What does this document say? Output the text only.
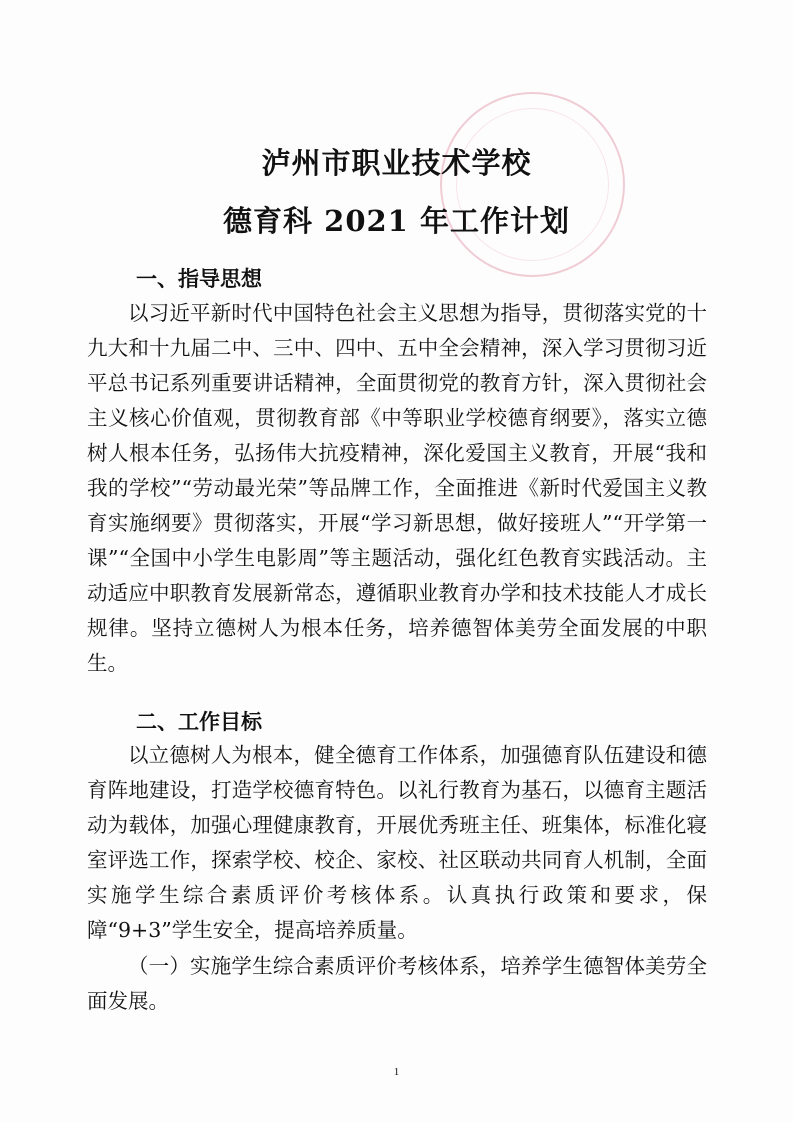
泸州市职业技术学校
德育科 2021 年工作计划
一、指导思想

以习近平新时代中国特色社会主义思想为指导，贯彻落实党的十九大和十九届二中、三中、四中、五中全会精神，深入学习贯彻习近平总书记系列重要讲话精神，全面贯彻党的教育方针，深入贯彻社会主义核心价值观，贯彻教育部《中等职业学校德育纲要》，落实立德树人根本任务，弘扬伟大抗疫精神，深化爱国主义教育，开展“我和我的学校”“劳动最光荣”等品牌工作，全面推进《新时代爱国主义教育实施纲要》贯彻落实，开展“学习新思想，做好接班人”“开学第一课”“全国中小学生电影周”等主题活动，强化红色教育实践活动。主动适应中职教育发展新常态，遵循职业教育办学和技术技能人才成长规律。坚持立德树人为根本任务，培养德智体美劳全面发展的中职生。

二、工作目标

以立德树人为根本，健全德育工作体系，加强德育队伍建设和德育阵地建设，打造学校德育特色。以礼行教育为基石，以德育主题活动为载体，加强心理健康教育，开展优秀班主任、班集体，标准化寝室评选工作，探索学校、校企、家校、社区联动共同育人机制，全面实施学生综合素质评价考核体系。认真执行政策和要求，保障“9+3”学生安全，提高培养质量。

（一）实施学生综合素质评价考核体系，培养学生德智体美劳全面发展。

1
